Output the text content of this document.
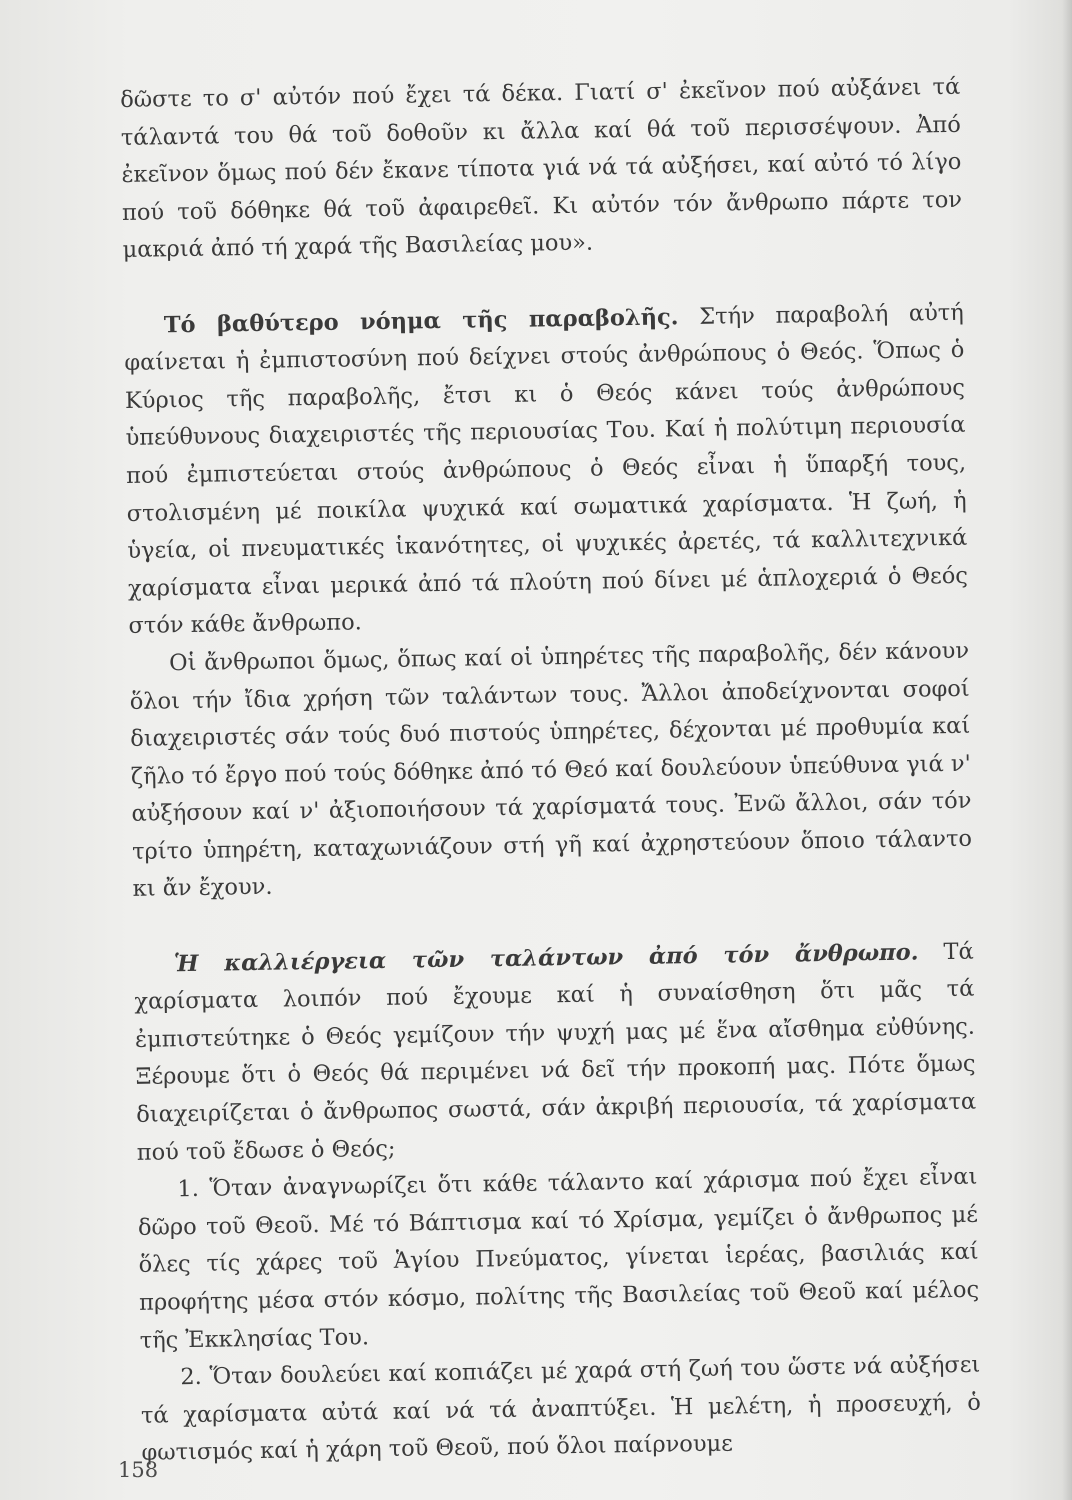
δῶστε το σ' αὐτόν πού ἔχει τά δέκα. Γιατί σ' ἐκεῖνον πού αὐξάνει τά τάλαντά του θά τοῦ δοθοῦν κι ἄλλα καί θά τοῦ περισσέψουν. Ἀπό ἐκεῖνον ὅμως πού δέν ἔκανε τίποτα γιά νά τά αὐξήσει, καί αὐτό τό λίγο πού τοῦ δόθηκε θά τοῦ ἀφαιρεθεῖ. Κι αὐτόν τόν ἄνθρωπο πάρτε τον μακριά ἀπό τή χαρά τῆς Βασιλείας μου».

Τό βαθύτερο νόημα τῆς παραβολῆς. Στήν παραβολή αὐτή φαίνεται ἡ ἐμπιστοσύνη πού δείχνει στούς ἀνθρώπους ὁ Θεός. Ὅπως ὁ Κύριος τῆς παραβολῆς, ἔτσι κι ὁ Θεός κάνει τούς ἀνθρώπους ὑπεύθυνους διαχειριστές τῆς περιουσίας Του. Καί ἡ πολύτιμη περιουσία πού ἐμπιστεύεται στούς ἀνθρώπους ὁ Θεός εἶναι ἡ ὕπαρξή τους, στολισμένη μέ ποικίλα ψυχικά καί σωματικά χαρίσματα. Ἡ ζωή, ἡ ὑγεία, οἱ πνευματικές ἱκανότητες, οἱ ψυχικές ἀρετές, τά καλλιτεχνικά χαρίσματα εἶναι μερικά ἀπό τά πλούτη πού δίνει μέ ἁπλοχεριά ὁ Θεός στόν κάθε ἄνθρωπο.

Οἱ ἄνθρωποι ὅμως, ὅπως καί οἱ ὑπηρέτες τῆς παραβολῆς, δέν κάνουν ὅλοι τήν ἴδια χρήση τῶν ταλάντων τους. Ἄλλοι ἀποδείχνονται σοφοί διαχειριστές σάν τούς δυό πιστούς ὑπηρέτες, δέχονται μέ προθυμία καί ζῆλο τό ἔργο πού τούς δόθηκε ἀπό τό Θεό καί δουλεύουν ὑπεύθυνα γιά ν' αὐξήσουν καί ν' ἀξιοποιήσουν τά χαρίσματά τους. Ἐνῶ ἄλλοι, σάν τόν τρίτο ὑπηρέτη, καταχωνιάζουν στή γῆ καί ἀχρηστεύουν ὅποιο τάλαντο κι ἄν ἔχουν.

Ἡ καλλιέργεια τῶν ταλάντων ἀπό τόν ἄνθρωπο. Τά χαρίσματα λοιπόν πού ἔχουμε καί ἡ συναίσθηση ὅτι μᾶς τά ἐμπιστεύτηκε ὁ Θεός γεμίζουν τήν ψυχή μας μέ ἕνα αἴσθημα εὐθύνης. Ξέρουμε ὅτι ὁ Θεός θά περιμένει νά δεῖ τήν προκοπή μας. Πότε ὅμως διαχειρίζεται ὁ ἄνθρωπος σωστά, σάν ἀκριβή περιουσία, τά χαρίσματα πού τοῦ ἔδωσε ὁ Θεός;

1. Ὅταν ἀναγνωρίζει ὅτι κάθε τάλαντο καί χάρισμα πού ἔχει εἶναι δῶρο τοῦ Θεοῦ. Μέ τό Βάπτισμα καί τό Χρίσμα, γεμίζει ὁ ἄνθρωπος μέ ὅλες τίς χάρες τοῦ Ἁγίου Πνεύματος, γίνεται ἱερέας, βασιλιάς καί προφήτης μέσα στόν κόσμο, πολίτης τῆς Βασιλείας τοῦ Θεοῦ καί μέλος τῆς Ἐκκλησίας Του.

2. Ὅταν δουλεύει καί κοπιάζει μέ χαρά στή ζωή του ὥστε νά αὐξήσει τά χαρίσματα αὐτά καί νά τά ἀναπτύξει. Ἡ μελέτη, ἡ προσευχή, ὁ φωτισμός καί ἡ χάρη τοῦ Θεοῦ, πού ὅλοι παίρνουμε

158
